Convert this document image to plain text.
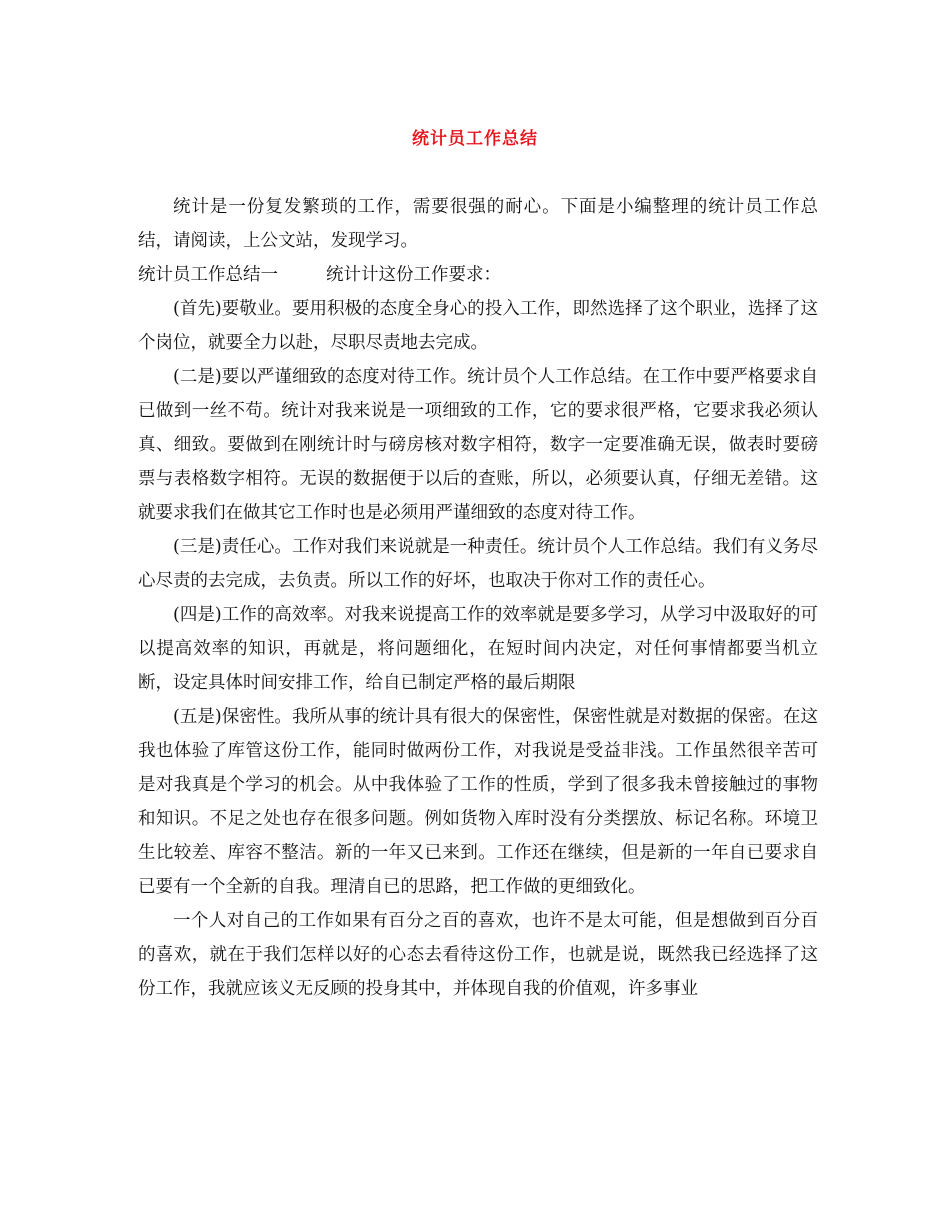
统计员工作总结

统计是一份复发繁琐的工作，需要很强的耐心。下面是小编整理的统计员工作总结，请阅读，上公文站，发现学习。

统计员工作总结一	统计计这份工作要求：

(首先)要敬业。要用积极的态度全身心的投入工作，即然选择了这个职业，选择了这个岗位，就要全力以赴，尽职尽责地去完成。

(二是)要以严谨细致的态度对待工作。统计员个人工作总结。在工作中要严格要求自已做到一丝不苟。统计对我来说是一项细致的工作，它的要求很严格，它要求我必须认真、细致。要做到在刚统计时与磅房核对数字相符，数字一定要准确无误，做表时要磅票与表格数字相符。无误的数据便于以后的查账，所以，必须要认真，仔细无差错。这就要求我们在做其它工作时也是必须用严谨细致的态度对待工作。

(三是)责任心。工作对我们来说就是一种责任。统计员个人工作总结。我们有义务尽心尽责的去完成，去负责。所以工作的好坏，也取决于你对工作的责任心。

(四是)工作的高效率。对我来说提高工作的效率就是要多学习，从学习中汲取好的可以提高效率的知识，再就是，将问题细化，在短时间内决定，对任何事情都要当机立断，设定具体时间安排工作，给自已制定严格的最后期限

(五是)保密性。我所从事的统计具有很大的保密性，保密性就是对数据的保密。在这我也体验了库管这份工作，能同时做两份工作，对我说是受益非浅。工作虽然很辛苦可是对我真是个学习的机会。从中我体验了工作的性质，学到了很多我未曾接触过的事物和知识。不足之处也存在很多问题。例如货物入库时没有分类摆放、标记名称。环境卫生比较差、库容不整洁。新的一年又已来到。工作还在继续，但是新的一年自已要求自已要有一个全新的自我。理清自已的思路，把工作做的更细致化。

一个人对自己的工作如果有百分之百的喜欢，也许不是太可能，但是想做到百分百的喜欢，就在于我们怎样以好的心态去看待这份工作，也就是说，既然我已经选择了这份工作，我就应该义无反顾的投身其中，并体现自我的价值观，许多事业
